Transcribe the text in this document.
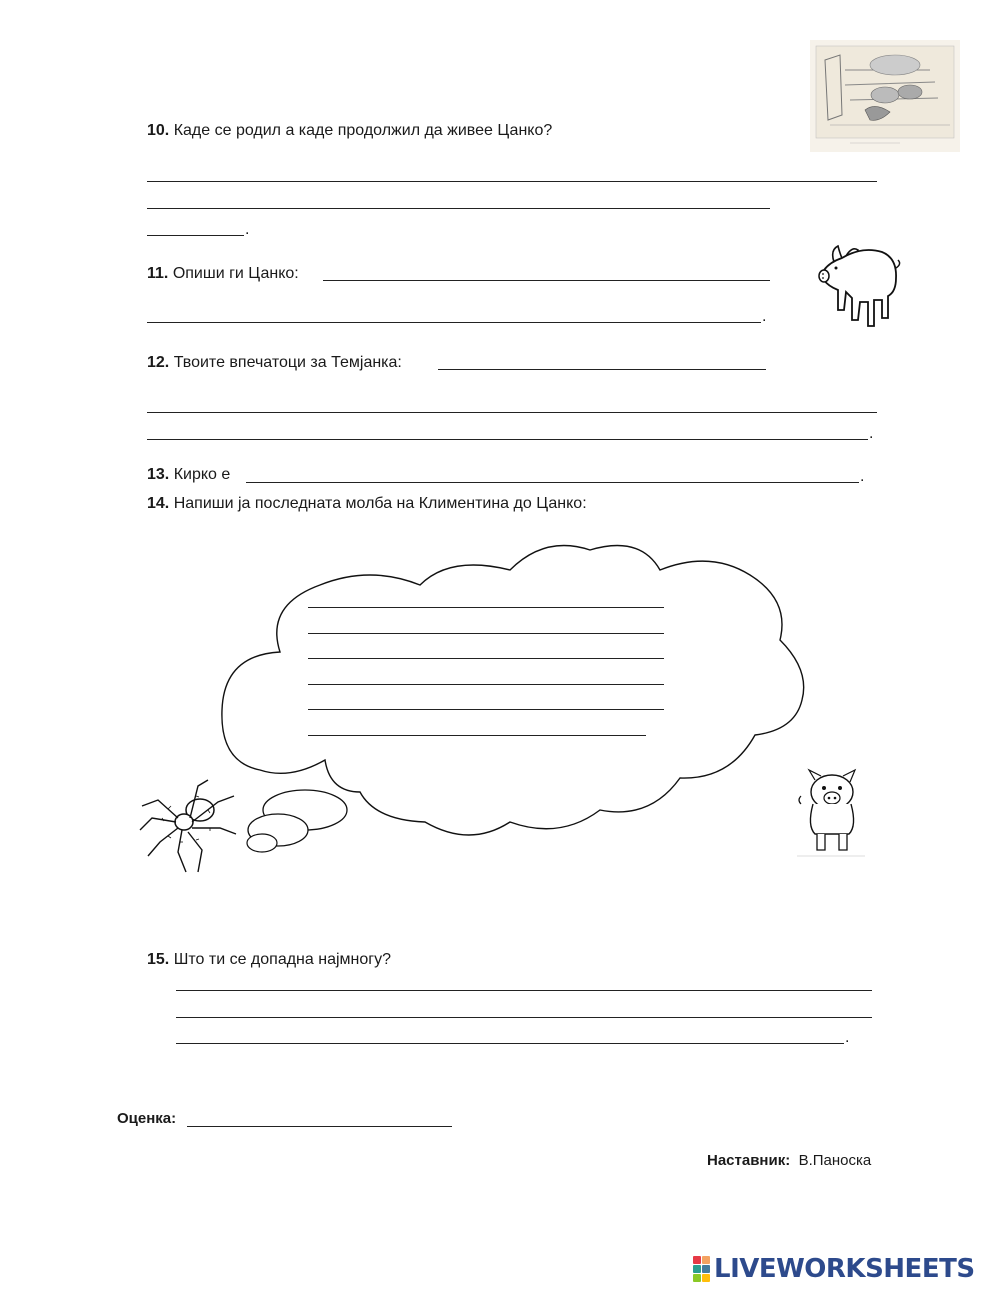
10. Каде се родил а каде продолжил да живее Цанко?
.
11. Опиши ги Цанко:
.
12. Твоите впечатоци за Темјанка:
.
13. Кирко е	.
14. Напиши ја последната молба на Климентина до Цанко:
15. Што ти се допадна најмногу?
.
Оценка:
Наставник: В.Паноска
LIVEWORKSHEETS
